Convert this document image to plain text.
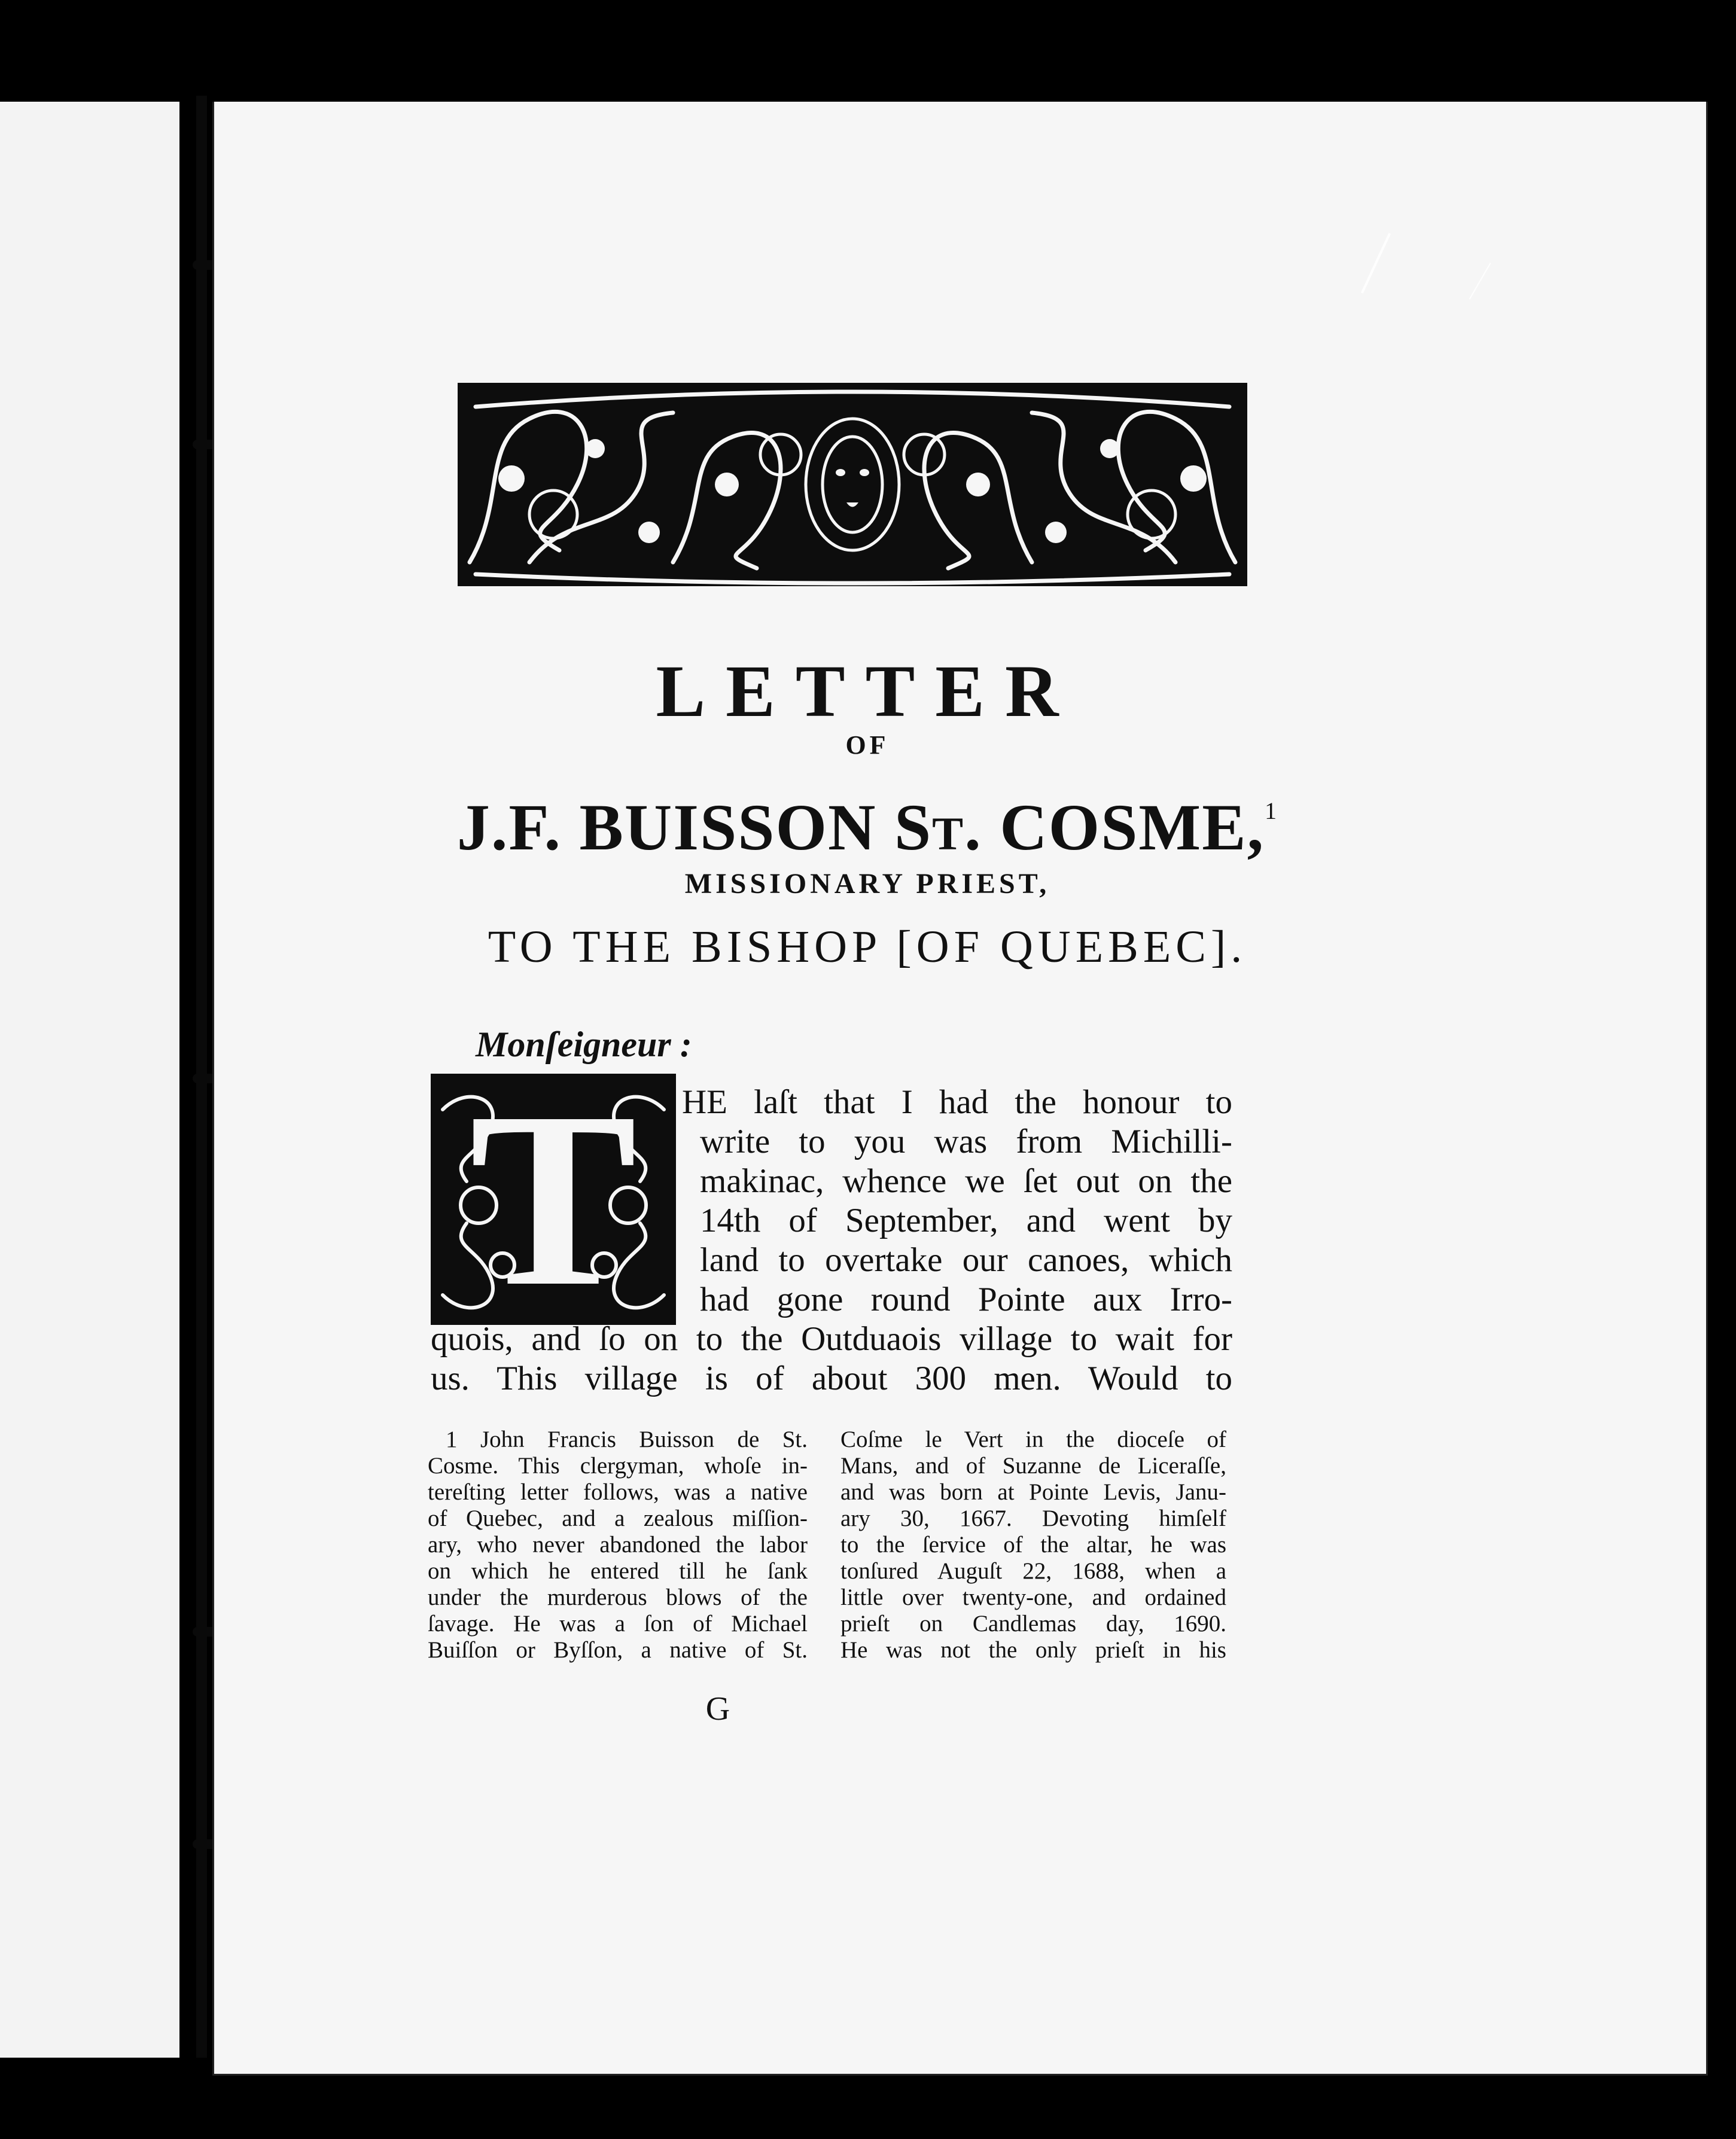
LETTER
OF
J.F. BUISSON ST. COSME,$^1$
MISSIONARY PRIEST,
TO THE BISHOP [OF QUEBEC].
Monſeigneur :
T	HE laſt that I had the honour to
write to you was from Michilli-
makinac, whence we ſet out on the
14th of September, and went by
land to overtake our canoes, which
had gone round Pointe aux Irro-
quois, and ſo on to the Outduaois village to wait for
us. This village is of about 300 men. Would to
1 John Francis Buisson de St.
Cosme. This clergyman, whoſe in-
tereſting letter follows, was a native
of Quebec, and a zealous miſſion-
ary, who never abandoned the labor
on which he entered till he ſank
under the murderous blows of the
ſavage. He was a ſon of Michael
Buiſſon or Byſſon, a native of St.
Coſme le Vert in the dioceſe of
Mans, and of Suzanne de Liceraſſe,
and was born at Pointe Levis, Janu-
ary 30, 1667. Devoting himſelf
to the ſervice of the altar, he was
tonſured Auguſt 22, 1688, when a
little over twenty-one, and ordained
prieſt on Candlemas day, 1690.
He was not the only prieſt in his
G
